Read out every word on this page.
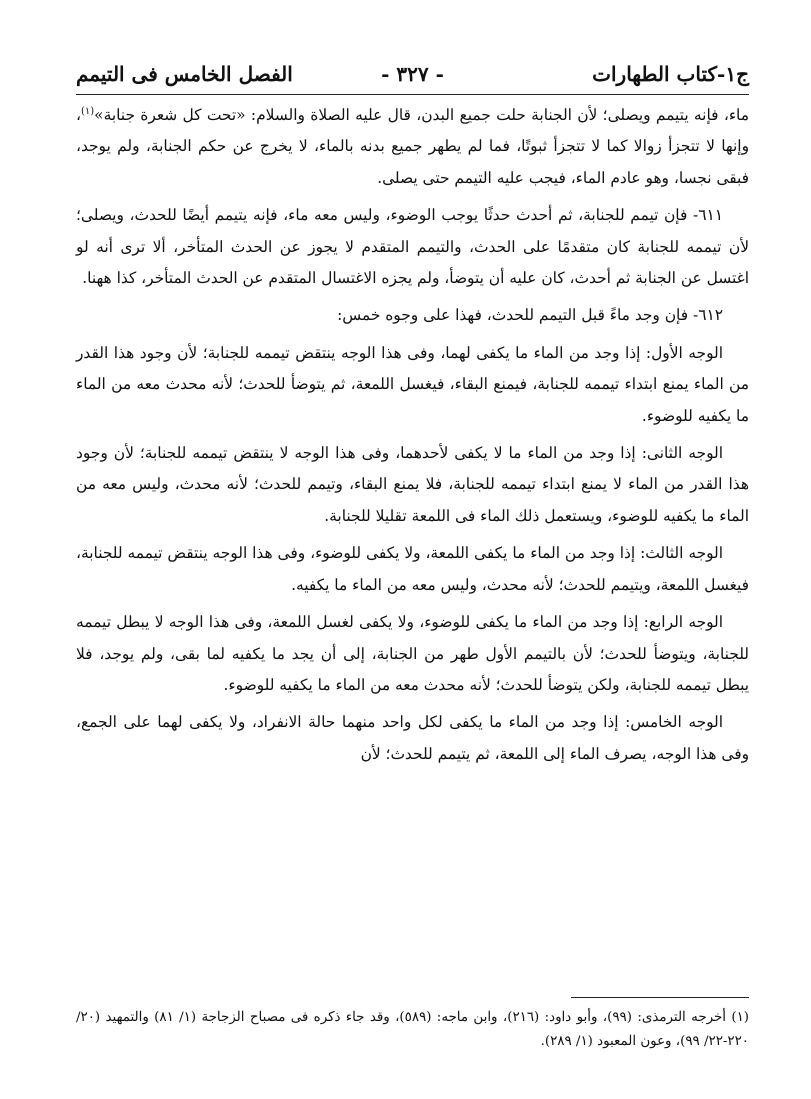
ج١-كتاب الطهارات
- ٣٢٧ -
الفصل الخامس فى التيمم

ماء، فإنه يتيمم ويصلى؛ لأن الجنابة حلت جميع البدن، قال عليه الصلاة والسلام: «تحت كل شعرة جنابة»$^{(١)}$، وإنها لا تتجزأ زوالا كما لا تتجزأ ثبوتًا، فما لم يطهر جميع بدنه بالماء، لا يخرج عن حكم الجنابة، ولم يوجد، فبقى نجسا، وهو عادم الماء، فيجب عليه التيمم حتى يصلى.

٦١١- فإن تيمم للجنابة، ثم أحدث حدثًا يوجب الوضوء، وليس معه ماء، فإنه يتيمم أيضًا للحدث، ويصلى؛ لأن تيممه للجنابة كان متقدمًا على الحدث، والتيمم المتقدم لا يجوز عن الحدث المتأخر، ألا ترى أنه لو اغتسل عن الجنابة ثم أحدث، كان عليه أن يتوضأ، ولم يجزه الاغتسال المتقدم عن الحدث المتأخر، كذا ههنا.

٦١٢- فإن وجد ماءً قبل التيمم للحدث، فهذا على وجوه خمس:

الوجه الأول: إذا وجد من الماء ما يكفى لهما، وفى هذا الوجه ينتقض تيممه للجنابة؛ لأن وجود هذا القدر من الماء يمنع ابتداء تيممه للجنابة، فيمنع البقاء، فيغسل اللمعة، ثم يتوضأ للحدث؛ لأنه محدث معه من الماء ما يكفيه للوضوء.

الوجه الثانى: إذا وجد من الماء ما لا يكفى لأحدهما، وفى هذا الوجه لا ينتقض تيممه للجنابة؛ لأن وجود هذا القدر من الماء لا يمنع ابتداء تيممه للجنابة، فلا يمنع البقاء، وتيمم للحدث؛ لأنه محدث، وليس معه من الماء ما يكفيه للوضوء، ويستعمل ذلك الماء فى اللمعة تقليلا للجنابة.

الوجه الثالث: إذا وجد من الماء ما يكفى اللمعة، ولا يكفى للوضوء، وفى هذا الوجه ينتقض تيممه للجنابة، فيغسل اللمعة، ويتيمم للحدث؛ لأنه محدث، وليس معه من الماء ما يكفيه.

الوجه الرابع: إذا وجد من الماء ما يكفى للوضوء، ولا يكفى لغسل اللمعة، وفى هذا الوجه لا يبطل تيممه للجنابة، ويتوضأ للحدث؛ لأن بالتيمم الأول طهر من الجنابة، إلى أن يجد ما يكفيه لما بقى، ولم يوجد، فلا يبطل تيممه للجنابة، ولكن يتوضأ للحدث؛ لأنه محدث معه من الماء ما يكفيه للوضوء.

الوجه الخامس: إذا وجد من الماء ما يكفى لكل واحد منهما حالة الانفراد، ولا يكفى لهما على الجمع، وفى هذا الوجه، يصرف الماء إلى اللمعة، ثم يتيمم للحدث؛ لأن

(١) أخرجه الترمذى: (٩٩)، وأبو داود: (٢١٦)، وابن ماجه: (٥٨٩)، وقد جاء ذكره فى مصباح الزجاجة (١/ ٨١) والتمهيد (٢٠/ ٢٢٠-٢٢/ ٩٩)، وعون المعبود (١/ ٢٨٩).
